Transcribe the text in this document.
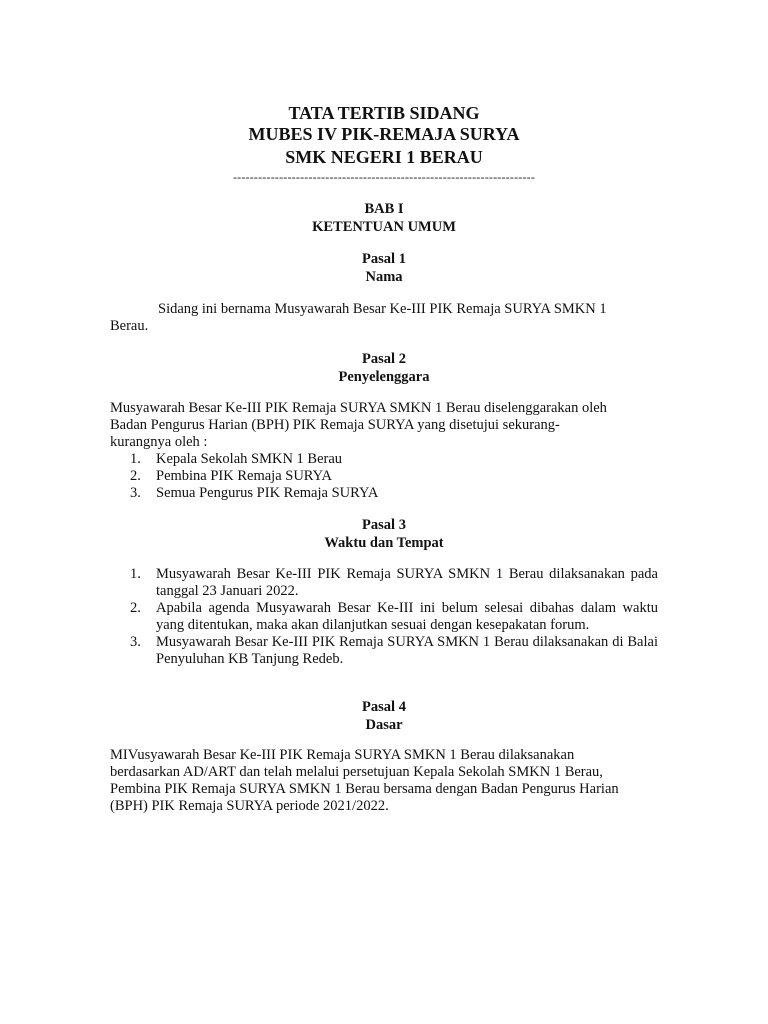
TATA TERTIB SIDANG
MUBES IV PIK-REMAJA SURYA
SMK NEGERI 1 BERAU
------------------------------------------------------------------------
BAB I
KETENTUAN UMUM
Pasal 1
Nama
Sidang ini bernama Musyawarah Besar Ke-III PIK Remaja SURYA SMKN 1
Berau.
Pasal 2
Penyelenggara
Musyawarah Besar Ke-III PIK Remaja SURYA SMKN 1 Berau diselenggarakan oleh
Badan Pengurus Harian (BPH) PIK Remaja SURYA yang disetujui sekurang-
kurangnya oleh :
1. Kepala Sekolah SMKN 1 Berau
2. Pembina PIK Remaja SURYA
3. Semua Pengurus PIK Remaja SURYA
Pasal 3
Waktu dan Tempat
1. Musyawarah Besar Ke-III PIK Remaja SURYA SMKN 1 Berau dilaksanakan pada tanggal 23 Januari 2022.
2. Apabila agenda Musyawarah Besar Ke-III ini belum selesai dibahas dalam waktu yang ditentukan, maka akan dilanjutkan sesuai dengan kesepakatan forum.
3. Musyawarah Besar Ke-III PIK Remaja SURYA SMKN 1 Berau dilaksanakan di Balai Penyuluhan KB Tanjung Redeb.
Pasal 4
Dasar
MIVusyawarah Besar Ke-III PIK Remaja SURYA SMKN 1 Berau dilaksanakan
berdasarkan AD/ART dan telah melalui persetujuan Kepala Sekolah SMKN 1 Berau,
Pembina PIK Remaja SURYA SMKN 1 Berau bersama dengan Badan Pengurus Harian
(BPH) PIK Remaja SURYA periode 2021/2022.
